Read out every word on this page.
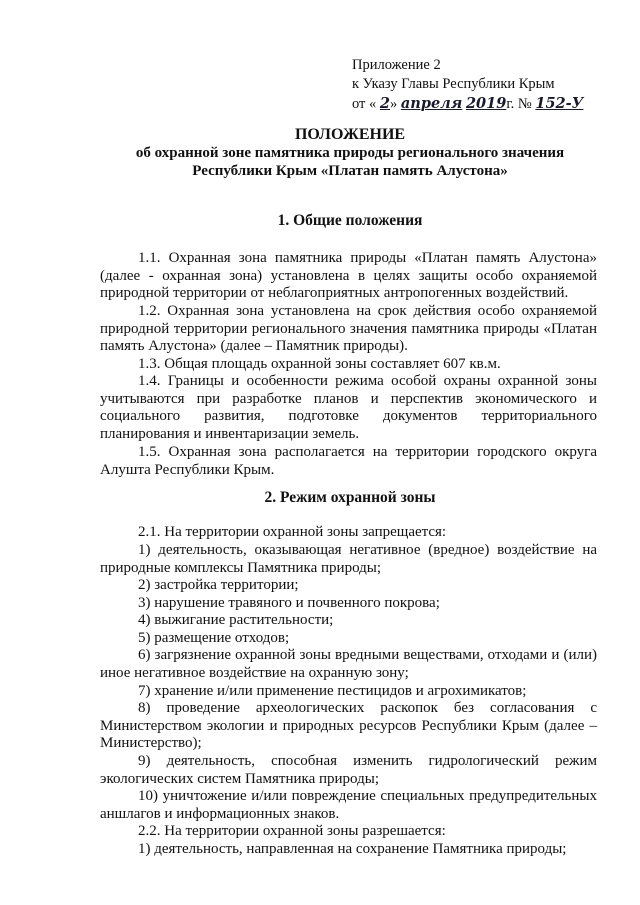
Приложение 2
к Указу Главы Республики Крым
от « 2» апреля 2019г. № 152-У
ПОЛОЖЕНИЕ
об охранной зоне памятника природы регионального значения
Республики Крым «Платан память Алустона»
1. Общие положения
1.1. Охранная зона памятника природы «Платан память Алустона» (далее - охранная зона) установлена в целях защиты особо охраняемой природной территории от неблагоприятных антропогенных воздействий.
1.2. Охранная зона установлена на срок действия особо охраняемой природной территории регионального значения памятника природы «Платан память Алустона» (далее – Памятник природы).
1.3. Общая площадь охранной зоны составляет 607 кв.м.
1.4. Границы и особенности режима особой охраны охранной зоны учитываются при разработке планов и перспектив экономического и социального развития, подготовке документов территориального планирования и инвентаризации земель.
1.5. Охранная зона располагается на территории городского округа Алушта Республики Крым.
2. Режим охранной зоны
2.1. На территории охранной зоны запрещается:
1) деятельность, оказывающая негативное (вредное) воздействие на природные комплексы Памятника природы;
2) застройка территории;
3) нарушение травяного и почвенного покрова;
4) выжигание растительности;
5) размещение отходов;
6) загрязнение охранной зоны вредными веществами, отходами и (или) иное негативное воздействие на охранную зону;
7) хранение и/или применение пестицидов и агрохимикатов;
8) проведение археологических раскопок без согласования с Министерством экологии и природных ресурсов Республики Крым (далее – Министерство);
9) деятельность, способная изменить гидрологический режим экологических систем Памятника природы;
10) уничтожение и/или повреждение специальных предупредительных аншлагов и информационных знаков.
2.2. На территории охранной зоны разрешается:
1) деятельность, направленная на сохранение Памятника природы;
